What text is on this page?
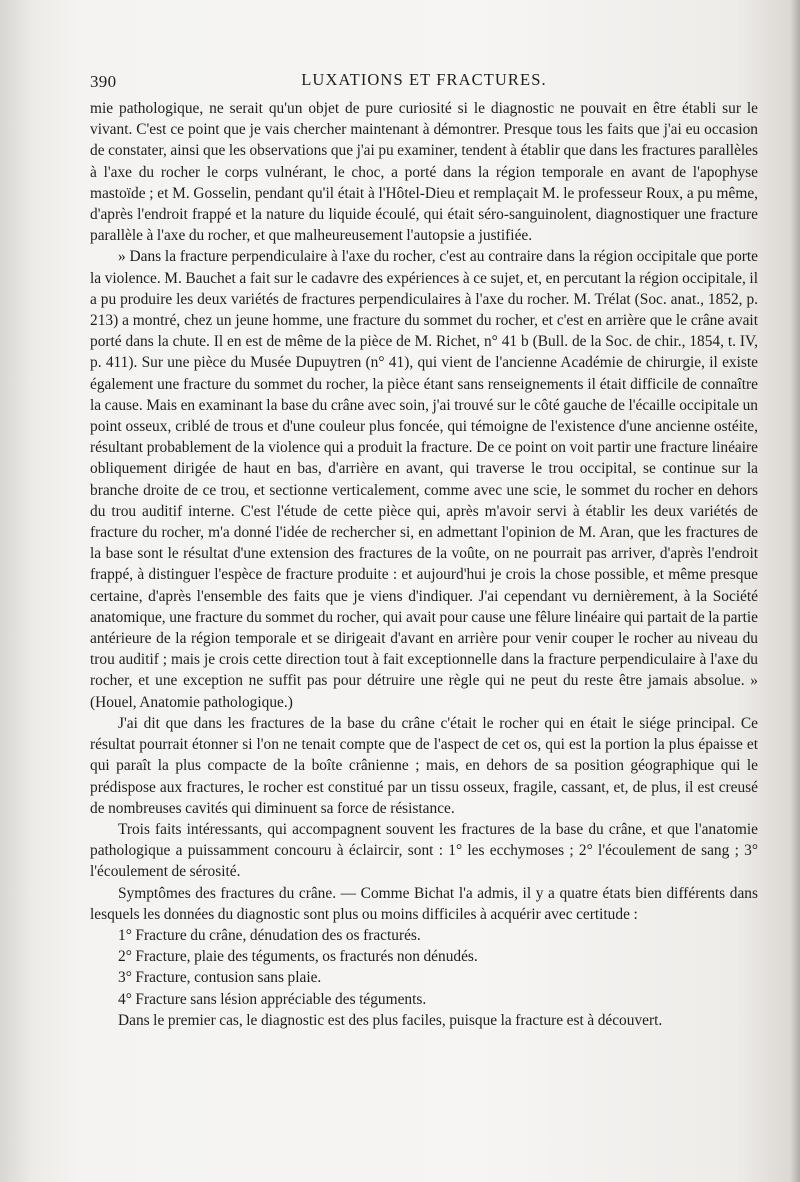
390	LUXATIONS ET FRACTURES.

mie pathologique, ne serait qu'un objet de pure curiosité si le diagnostic ne pouvait en être établi sur le vivant. C'est ce point que je vais chercher maintenant à démontrer. Presque tous les faits que j'ai eu occasion de constater, ainsi que les observations que j'ai pu examiner, tendent à établir que dans les fractures parallèles à l'axe du rocher le corps vulnérant, le choc, a porté dans la région temporale en avant de l'apophyse mastoïde ; et M. Gosselin, pendant qu'il était à l'Hôtel-Dieu et remplaçait M. le professeur Roux, a pu même, d'après l'endroit frappé et la nature du liquide écoulé, qui était séro-sanguinolent, diagnostiquer une fracture parallèle à l'axe du rocher, et que malheureusement l'autopsie a justifiée.

» Dans la fracture perpendiculaire à l'axe du rocher, c'est au contraire dans la région occipitale que porte la violence. M. Bauchet a fait sur le cadavre des expériences à ce sujet, et, en percutant la région occipitale, il a pu produire les deux variétés de fractures perpendiculaires à l'axe du rocher. M. Trélat (Soc. anat., 1852, p. 213) a montré, chez un jeune homme, une fracture du sommet du rocher, et c'est en arrière que le crâne avait porté dans la chute. Il en est de même de la pièce de M. Richet, n° 41 b (Bull. de la Soc. de chir., 1854, t. IV, p. 411). Sur une pièce du Musée Dupuytren (n° 41), qui vient de l'ancienne Académie de chirurgie, il existe également une fracture du sommet du rocher, la pièce étant sans renseignements il était difficile de connaître la cause. Mais en examinant la base du crâne avec soin, j'ai trouvé sur le côté gauche de l'écaille occipitale un point osseux, criblé de trous et d'une couleur plus foncée, qui témoigne de l'existence d'une ancienne ostéite, résultant probablement de la violence qui a produit la fracture. De ce point on voit partir une fracture linéaire obliquement dirigée de haut en bas, d'arrière en avant, qui traverse le trou occipital, se continue sur la branche droite de ce trou, et sectionne verticalement, comme avec une scie, le sommet du rocher en dehors du trou auditif interne. C'est l'étude de cette pièce qui, après m'avoir servi à établir les deux variétés de fracture du rocher, m'a donné l'idée de rechercher si, en admettant l'opinion de M. Aran, que les fractures de la base sont le résultat d'une extension des fractures de la voûte, on ne pourrait pas arriver, d'après l'endroit frappé, à distinguer l'espèce de fracture produite : et aujourd'hui je crois la chose possible, et même presque certaine, d'après l'ensemble des faits que je viens d'indiquer. J'ai cependant vu dernièrement, à la Société anatomique, une fracture du sommet du rocher, qui avait pour cause une fêlure linéaire qui partait de la partie antérieure de la région temporale et se dirigeait d'avant en arrière pour venir couper le rocher au niveau du trou auditif ; mais je crois cette direction tout à fait exceptionnelle dans la fracture perpendiculaire à l'axe du rocher, et une exception ne suffit pas pour détruire une règle qui ne peut du reste être jamais absolue. » (Houel, Anatomie pathologique.)

J'ai dit que dans les fractures de la base du crâne c'était le rocher qui en était le siége principal. Ce résultat pourrait étonner si l'on ne tenait compte que de l'aspect de cet os, qui est la portion la plus épaisse et qui paraît la plus compacte de la boîte crânienne ; mais, en dehors de sa position géographique qui le prédispose aux fractures, le rocher est constitué par un tissu osseux, fragile, cassant, et, de plus, il est creusé de nombreuses cavités qui diminuent sa force de résistance.

Trois faits intéressants, qui accompagnent souvent les fractures de la base du crâne, et que l'anatomie pathologique a puissamment concouru à éclaircir, sont : 1° les ecchymoses ; 2° l'écoulement de sang ; 3° l'écoulement de sérosité.

Symptômes des fractures du crâne. — Comme Bichat l'a admis, il y a quatre états bien différents dans lesquels les données du diagnostic sont plus ou moins difficiles à acquérir avec certitude :

1° Fracture du crâne, dénudation des os fracturés.

2° Fracture, plaie des téguments, os fracturés non dénudés.

3° Fracture, contusion sans plaie.

4° Fracture sans lésion appréciable des téguments.

Dans le premier cas, le diagnostic est des plus faciles, puisque la fracture est à découvert.
